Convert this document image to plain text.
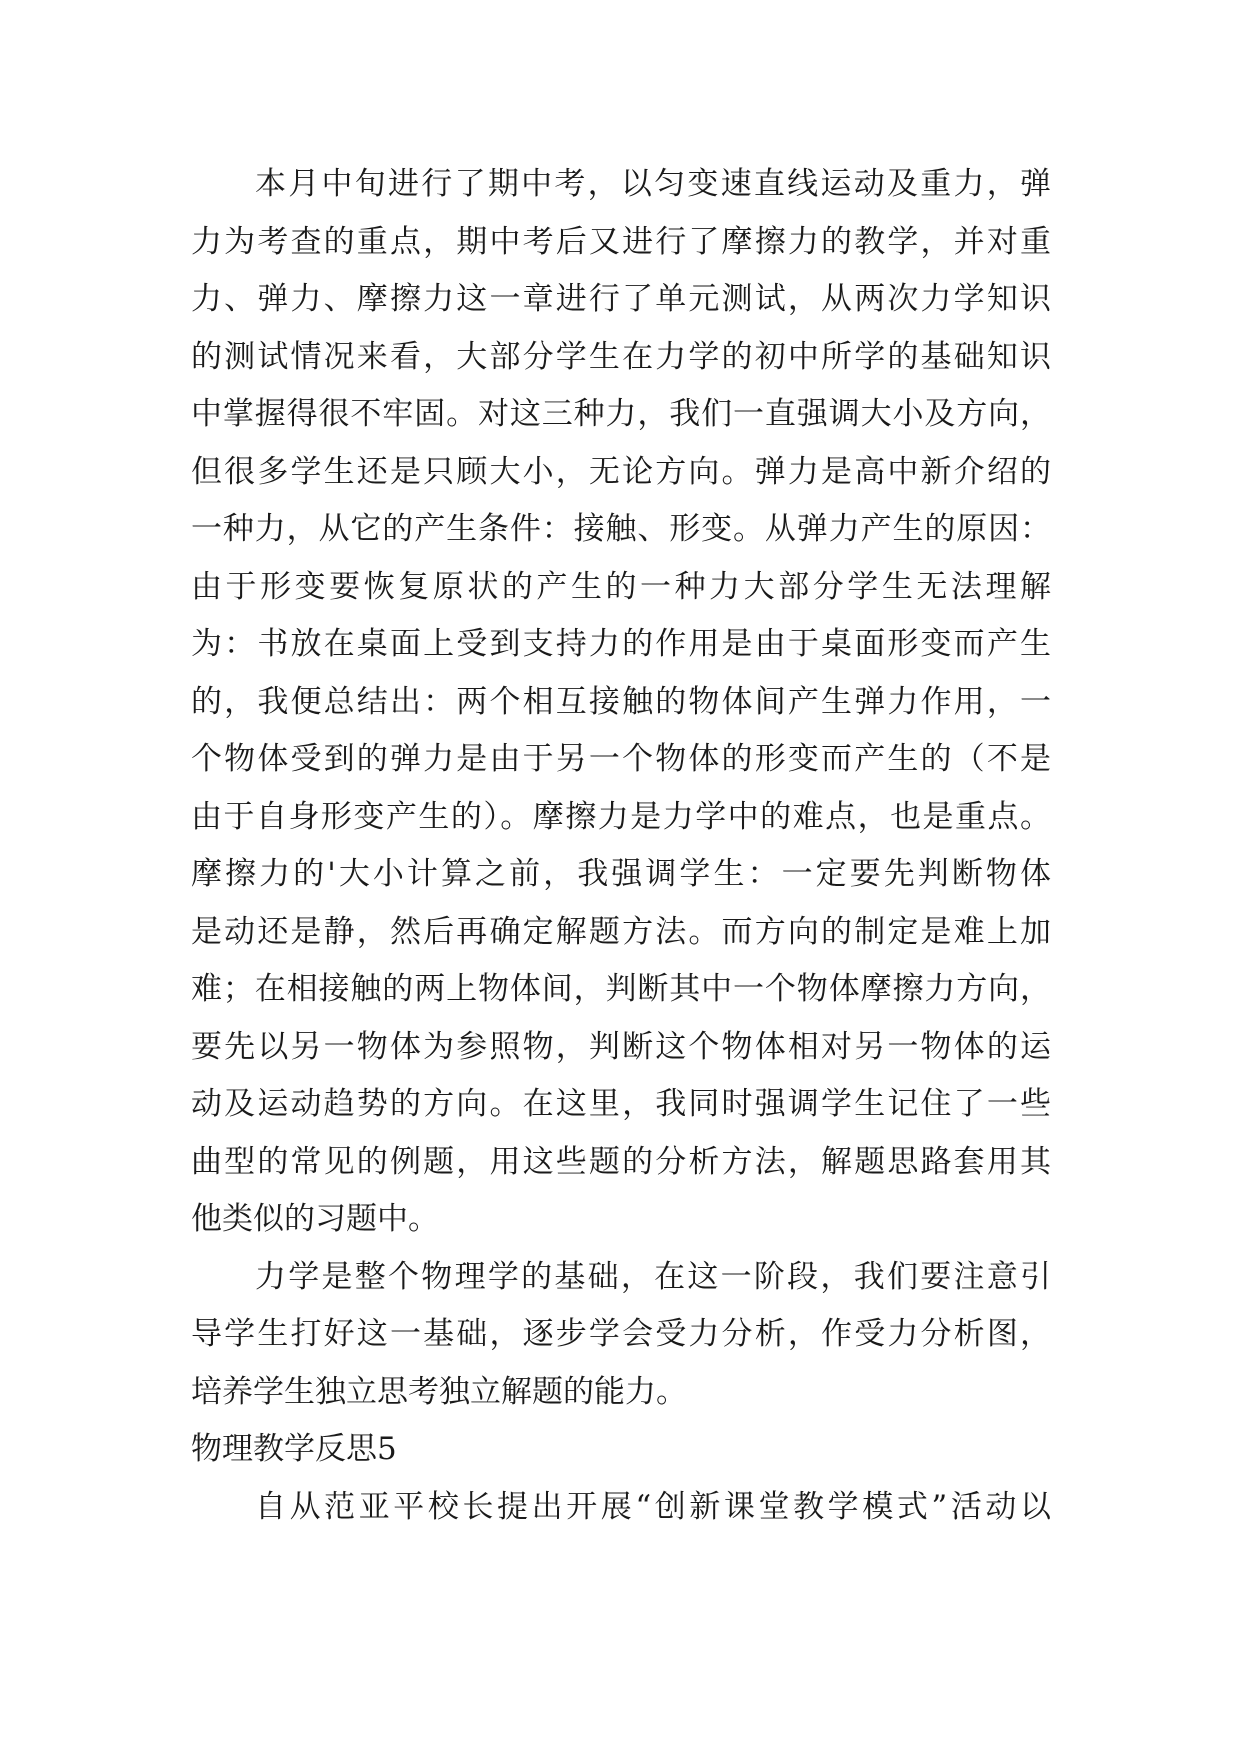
本月中旬进行了期中考，以匀变速直线运动及重力，弹
力为考查的重点，期中考后又进行了摩擦力的教学，并对重
力、弹力、摩擦力这一章进行了单元测试，从两次力学知识
的测试情况来看，大部分学生在力学的初中所学的基础知识
中掌握得很不牢固。对这三种力，我们一直强调大小及方向，
但很多学生还是只顾大小，无论方向。弹力是高中新介绍的
一种力，从它的产生条件：接触、形变。从弹力产生的原因：
由于形变要恢复原状的产生的一种力大部分学生无法理解
为：书放在桌面上受到支持力的作用是由于桌面形变而产生
的，我便总结出：两个相互接触的物体间产生弹力作用，一
个物体受到的弹力是由于另一个物体的形变而产生的（不是
由于自身形变产生的）。摩擦力是力学中的难点，也是重点。
摩擦力的'大小计算之前，我强调学生：一定要先判断物体
是动还是静，然后再确定解题方法。而方向的制定是难上加
难；在相接触的两上物体间，判断其中一个物体摩擦力方向，
要先以另一物体为参照物，判断这个物体相对另一物体的运
动及运动趋势的方向。在这里，我同时强调学生记住了一些
曲型的常见的例题，用这些题的分析方法，解题思路套用其
他类似的习题中。
力学是整个物理学的基础，在这一阶段，我们要注意引
导学生打好这一基础，逐步学会受力分析，作受力分析图，
培养学生独立思考独立解题的能力。
物理教学反思5
自从范亚平校长提出开展“创新课堂教学模式”活动以
